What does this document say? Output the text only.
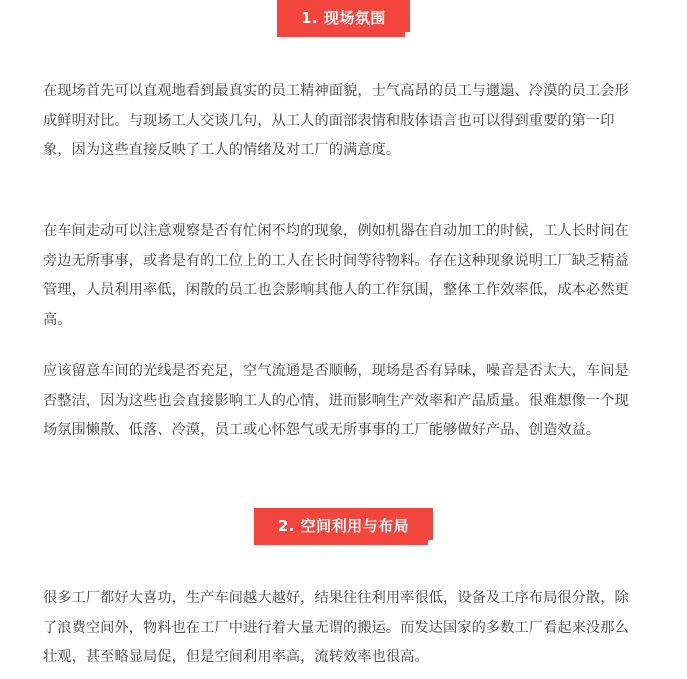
1. 现场氛围

在现场首先可以直观地看到最真实的员工精神面貌，士气高昂的员工与邋遢、冷漠的员工会形成鲜明对比。与现场工人交谈几句，从工人的面部表情和肢体语言也可以得到重要的第一印象，因为这些直接反映了工人的情绪及对工厂的满意度。

在车间走动可以注意观察是否有忙闲不均的现象，例如机器在自动加工的时候，工人长时间在旁边无所事事，或者是有的工位上的工人在长时间等待物料。存在这种现象说明工厂缺乏精益管理，人员利用率低，闲散的员工也会影响其他人的工作氛围，整体工作效率低，成本必然更高。

应该留意车间的光线是否充足，空气流通是否顺畅，现场是否有异味，噪音是否太大，车间是否整洁，因为这些也会直接影响工人的心情，进而影响生产效率和产品质量。很难想像一个现场氛围懒散、低落、冷漠，员工或心怀怨气或无所事事的工厂能够做好产品、创造效益。

2. 空间利用与布局

很多工厂都好大喜功，生产车间越大越好，结果往往利用率很低，设备及工序布局很分散，除了浪费空间外，物料也在工厂中进行着大量无谓的搬运。而发达国家的多数工厂看起来没那么壮观，甚至略显局促，但是空间利用率高，流转效率也很高。
